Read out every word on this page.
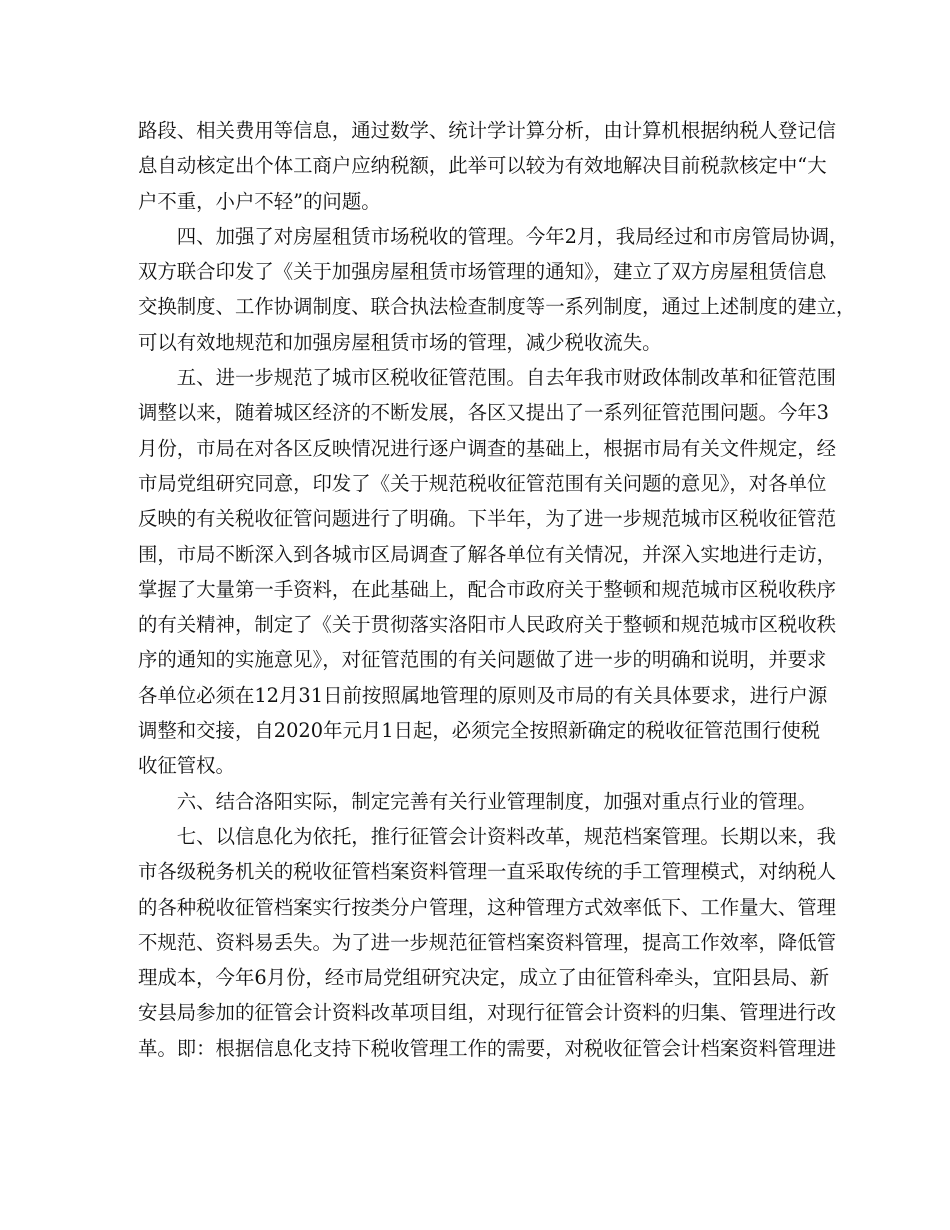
路段、相关费用等信息，通过数学、统计学计算分析，由计算机根据纳税人登记信
息自动核定出个体工商户应纳税额，此举可以较为有效地解决目前税款核定中“大
户不重，小户不轻”的问题。
四、加强了对房屋租赁市场税收的管理。今年2月，我局经过和市房管局协调，
双方联合印发了《关于加强房屋租赁市场管理的通知》，建立了双方房屋租赁信息
交换制度、工作协调制度、联合执法检查制度等一系列制度，通过上述制度的建立，
可以有效地规范和加强房屋租赁市场的管理，减少税收流失。
五、进一步规范了城市区税收征管范围。自去年我市财政体制改革和征管范围
调整以来，随着城区经济的不断发展，各区又提出了一系列征管范围问题。今年3
月份，市局在对各区反映情况进行逐户调查的基础上，根据市局有关文件规定，经
市局党组研究同意，印发了《关于规范税收征管范围有关问题的意见》，对各单位
反映的有关税收征管问题进行了明确。下半年，为了进一步规范城市区税收征管范
围，市局不断深入到各城市区局调查了解各单位有关情况，并深入实地进行走访，
掌握了大量第一手资料，在此基础上，配合市政府关于整顿和规范城市区税收秩序
的有关精神，制定了《关于贯彻落实洛阳市人民政府关于整顿和规范城市区税收秩
序的通知的实施意见》，对征管范围的有关问题做了进一步的明确和说明，并要求
各单位必须在12月31日前按照属地管理的原则及市局的有关具体要求，进行户源
调整和交接，自2020年元月1日起，必须完全按照新确定的税收征管范围行使税
收征管权。
六、结合洛阳实际，制定完善有关行业管理制度，加强对重点行业的管理。
七、以信息化为依托，推行征管会计资料改革，规范档案管理。长期以来，我
市各级税务机关的税收征管档案资料管理一直采取传统的手工管理模式，对纳税人
的各种税收征管档案实行按类分户管理，这种管理方式效率低下、工作量大、管理
不规范、资料易丢失。为了进一步规范征管档案资料管理，提高工作效率，降低管
理成本，今年6月份，经市局党组研究决定，成立了由征管科牵头，宜阳县局、新
安县局参加的征管会计资料改革项目组，对现行征管会计资料的归集、管理进行改
革。即：根据信息化支持下税收管理工作的需要，对税收征管会计档案资料管理进
